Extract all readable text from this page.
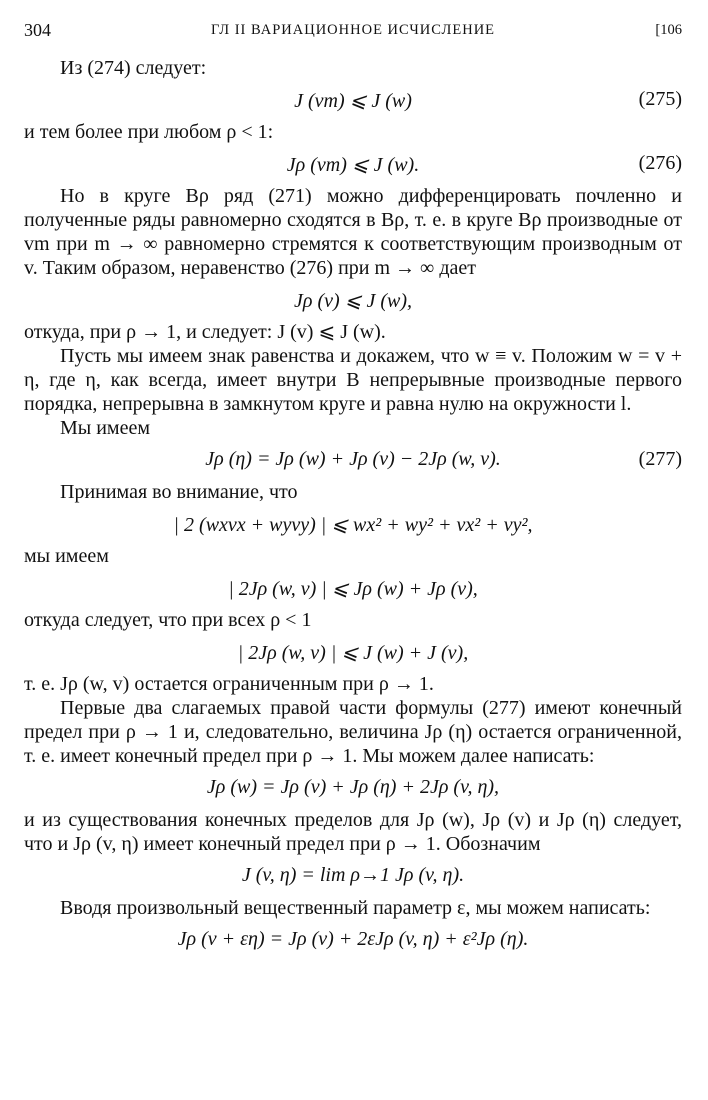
304	ГЛ II ВАРИАЦИОННОЕ ИСЧИСЛЕНИЕ	[106

Из (274) следует:

J (vm) ⩽ J (w)	(275)

и тем более при любом ρ < 1:

Jρ (vm) ⩽ J (w).	(276)

Но в круге Bρ ряд (271) можно дифференцировать почленно и полученные ряды равномерно сходятся в Bρ, т. е. в круге Bρ производные от vm при m → ∞ равномерно стремятся к соответствующим производным от v. Таким образом, неравенство (276) при m → ∞ дает

Jρ (v) ⩽ J (w),

откуда, при ρ → 1, и следует: J (v) ⩽ J (w).

Пусть мы имеем знак равенства и докажем, что w ≡ v. Положим w = v + η, где η, как всегда, имеет внутри B непрерывные производные первого порядка, непрерывна в замкнутом круге и равна нулю на окружности l.

Мы имеем

Jρ (η) = Jρ (w) + Jρ (v) − 2Jρ (w, v).	(277)

Принимая во внимание, что

| 2 (wxvx + wyvy) | ⩽ wx² + wy² + vx² + vy²,

мы имеем

| 2Jρ (w, v) | ⩽ Jρ (w) + Jρ (v),

откуда следует, что при всех ρ < 1

| 2Jρ (w, v) | ⩽ J (w) + J (v),

т. е. Jρ (w, v) остается ограниченным при ρ → 1.

Первые два слагаемых правой части формулы (277) имеют конечный предел при ρ → 1 и, следовательно, величина Jρ (η) остается ограниченной, т. е. имеет конечный предел при ρ → 1. Мы можем далее написать:

Jρ (w) = Jρ (v) + Jρ (η) + 2Jρ (v, η),

и из существования конечных пределов для Jρ (w), Jρ (v) и Jρ (η) следует, что и Jρ (v, η) имеет конечный предел при ρ → 1. Обозначим

J (v, η) = lim ρ→1 Jρ (v, η).

Вводя произвольный вещественный параметр ε, мы можем написать:

Jρ (v + εη) = Jρ (v) + 2εJρ (v, η) + ε²Jρ (η).
